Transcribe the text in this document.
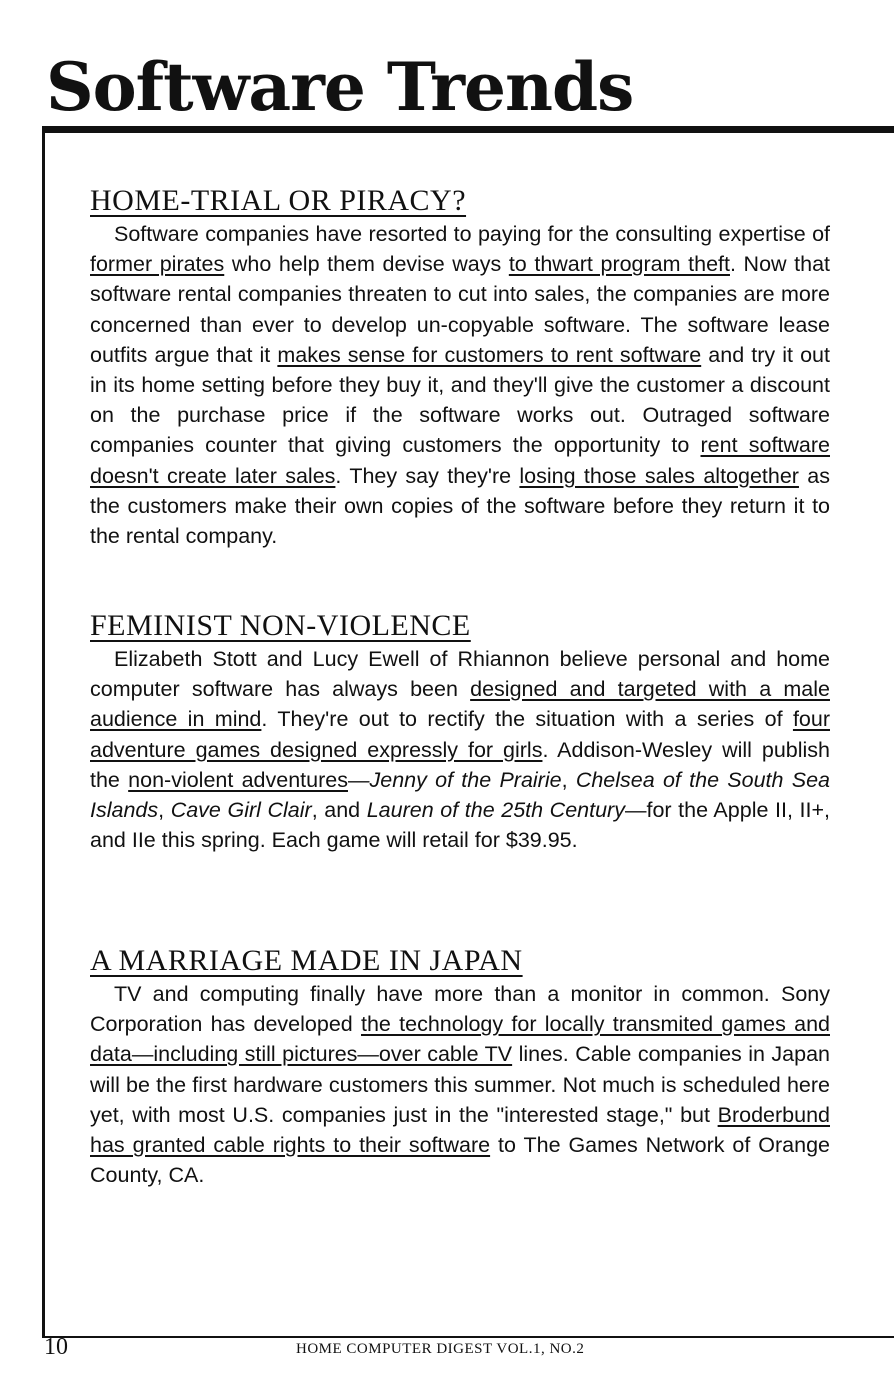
Software Trends
HOME-TRIAL OR PIRACY?

Software companies have resorted to paying for the consulting expertise of former pirates who help them devise ways to thwart program theft. Now that software rental companies threaten to cut into sales, the companies are more concerned than ever to develop un-copyable software. The software lease outfits argue that it makes sense for customers to rent software and try it out in its home setting before they buy it, and they'll give the customer a discount on the purchase price if the software works out. Outraged software companies counter that giving customers the opportunity to rent software doesn't create later sales. They say they're losing those sales altogether as the customers make their own copies of the software before they return it to the rental company.

FEMINIST NON-VIOLENCE

Elizabeth Stott and Lucy Ewell of Rhiannon believe personal and home computer software has always been designed and targeted with a male audience in mind. They're out to rectify the situation with a series of four adventure games designed expressly for girls. Addison-Wesley will publish the non-violent adventures—Jenny of the Prairie, Chelsea of the South Sea Islands, Cave Girl Clair, and Lauren of the 25th Century—for the Apple II, II+, and IIe this spring. Each game will retail for $39.95.

A MARRIAGE MADE IN JAPAN

TV and computing finally have more than a monitor in common. Sony Corporation has developed the technology for locally transmited games and data—including still pictures—over cable TV lines. Cable companies in Japan will be the first hardware customers this summer. Not much is scheduled here yet, with most U.S. companies just in the "interested stage," but Broderbund has granted cable rights to their software to The Games Network of Orange County, CA.

10	HOME COMPUTER DIGEST VOL.1, NO.2
